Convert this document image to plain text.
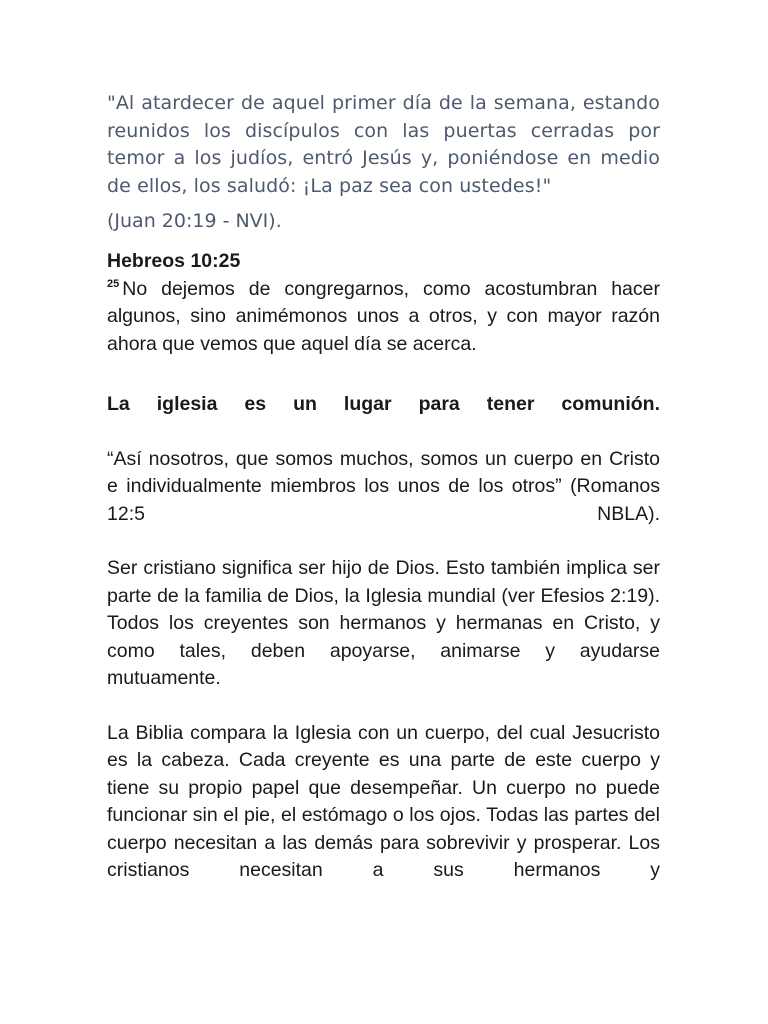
"Al atardecer de aquel primer día de la semana, estando reunidos los discípulos con las puertas cerradas por temor a los judíos, entró Jesús y, poniéndose en medio de ellos, los saludó: ¡La paz sea con ustedes!"

(Juan 20:19 - NVI).

Hebreos 10:25

$^{25}$ No dejemos de congregarnos, como acostumbran hacer algunos, sino animémonos unos a otros, y con mayor razón ahora que vemos que aquel día se acerca.

La iglesia es un lugar para tener comunión.

“Así nosotros, que somos muchos, somos un cuerpo en Cristo e individualmente miembros los unos de los otros” (Romanos 12:5 NBLA).

Ser cristiano significa ser hijo de Dios. Esto también implica ser parte de la familia de Dios, la Iglesia mundial (ver Efesios 2:19). Todos los creyentes son hermanos y hermanas en Cristo, y como tales, deben apoyarse, animarse y ayudarse mutuamente.

La Biblia compara la Iglesia con un cuerpo, del cual Jesucristo es la cabeza. Cada creyente es una parte de este cuerpo y tiene su propio papel que desempeñar. Un cuerpo no puede funcionar sin el pie, el estómago o los ojos. Todas las partes del cuerpo necesitan a las demás para sobrevivir y prosperar. Los cristianos necesitan a sus hermanos y
